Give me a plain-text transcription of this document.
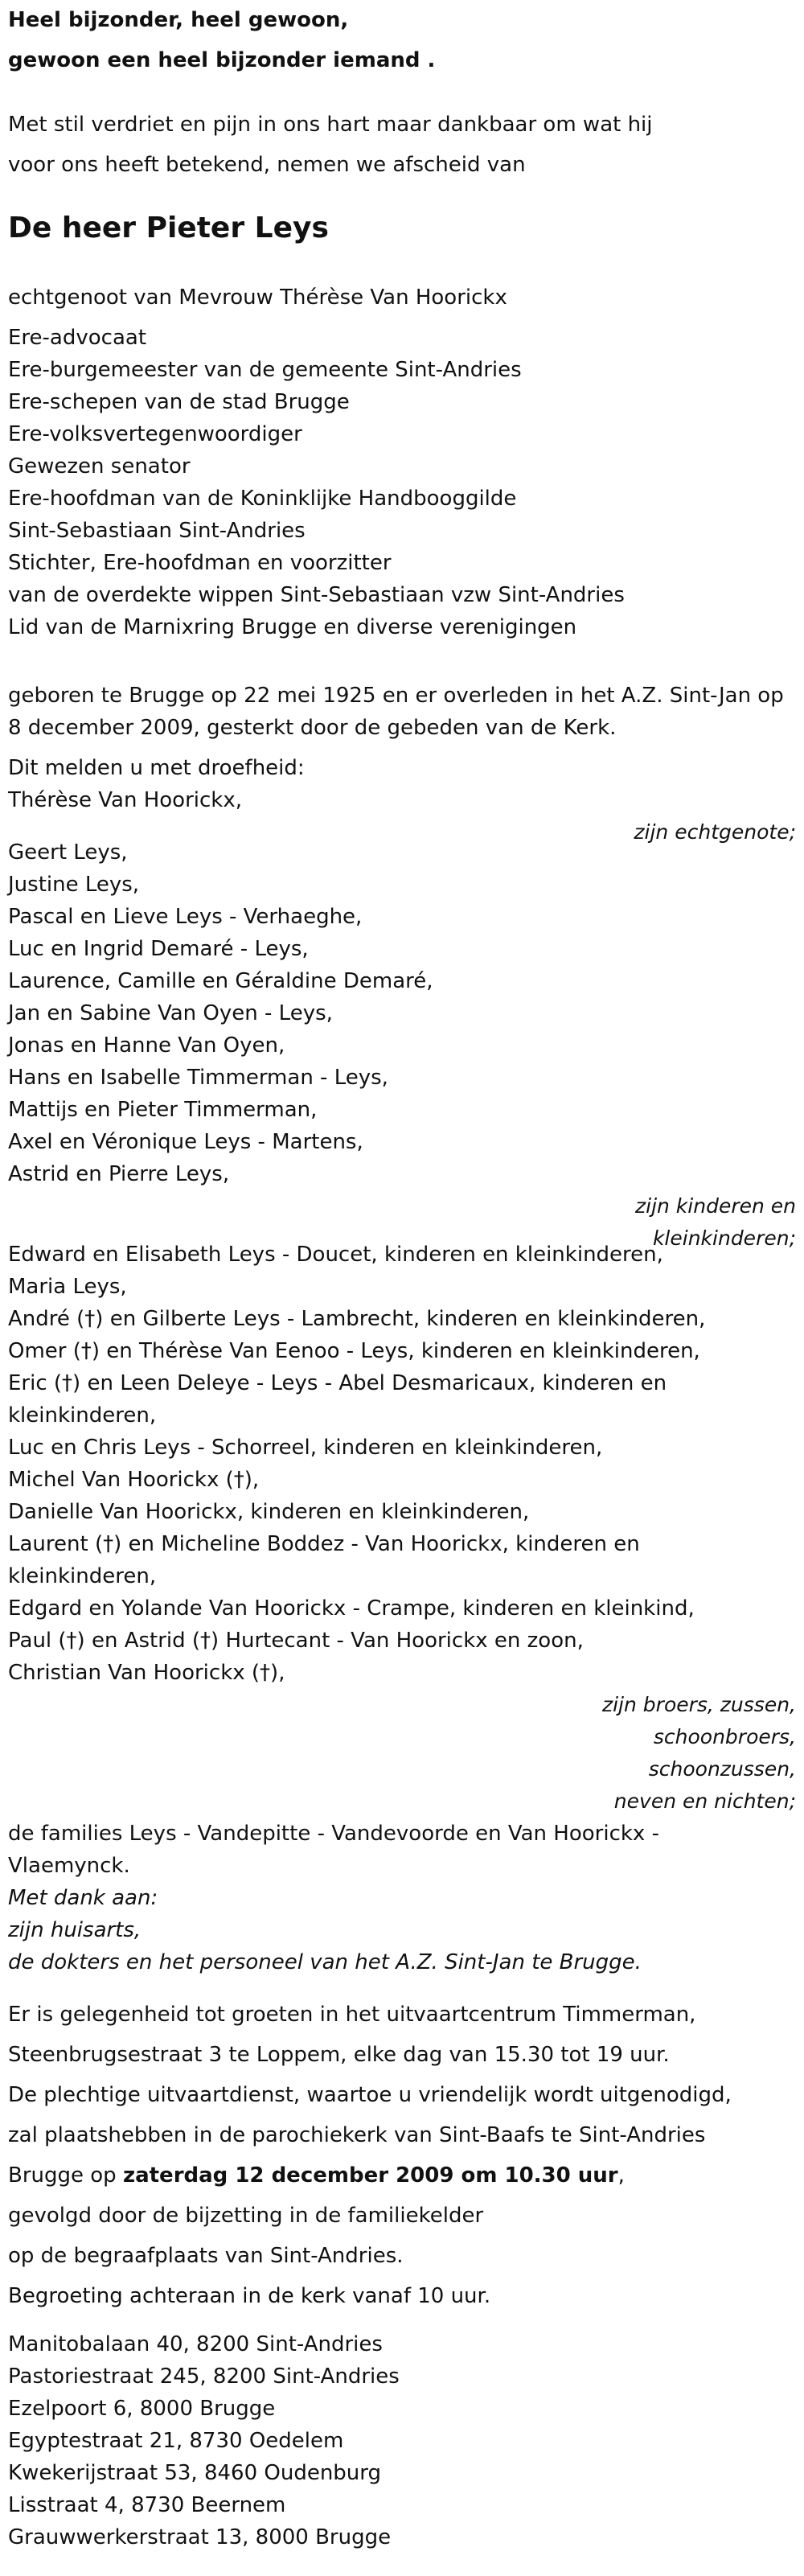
Heel bijzonder, heel gewoon,
gewoon een heel bijzonder iemand .
Met stil verdriet en pijn in ons hart maar dankbaar om wat hij
voor ons heeft betekend, nemen we afscheid van
De heer Pieter Leys
echtgenoot van Mevrouw Thérèse Van Hoorickx
Ere-advocaat
Ere-burgemeester van de gemeente Sint-Andries
Ere-schepen van de stad Brugge
Ere-volksvertegenwoordiger
Gewezen senator
Ere-hoofdman van de Koninklijke Handbooggilde
Sint-Sebastiaan Sint-Andries
Stichter, Ere-hoofdman en voorzitter
van de overdekte wippen Sint-Sebastiaan vzw Sint-Andries
Lid van de Marnixring Brugge en diverse verenigingen
geboren te Brugge op 22 mei 1925 en er overleden in het A.Z. Sint-Jan op
8 december 2009, gesterkt door de gebeden van de Kerk.
Dit melden u met droefheid:
Thérèse Van Hoorickx,
zijn echtgenote;
Geert Leys,
Justine Leys,
Pascal en Lieve Leys - Verhaeghe,
Luc en Ingrid Demaré - Leys,
Laurence, Camille en Géraldine Demaré,
Jan en Sabine Van Oyen - Leys,
Jonas en Hanne Van Oyen,
Hans en Isabelle Timmerman - Leys,
Mattijs en Pieter Timmerman,
Axel en Véronique Leys - Martens,
Astrid en Pierre Leys,
zijn kinderen en
kleinkinderen;
Edward en Elisabeth Leys - Doucet, kinderen en kleinkinderen,
Maria Leys,
André (†) en Gilberte Leys - Lambrecht, kinderen en kleinkinderen,
Omer (†) en Thérèse Van Eenoo - Leys, kinderen en kleinkinderen,
Eric (†) en Leen Deleye - Leys - Abel Desmaricaux, kinderen en
kleinkinderen,
Luc en Chris Leys - Schorreel, kinderen en kleinkinderen,
Michel Van Hoorickx (†),
Danielle Van Hoorickx, kinderen en kleinkinderen,
Laurent (†) en Micheline Boddez - Van Hoorickx, kinderen en
kleinkinderen,
Edgard en Yolande Van Hoorickx - Crampe, kinderen en kleinkind,
Paul (†) en Astrid (†) Hurtecant - Van Hoorickx en zoon,
Christian Van Hoorickx (†),
zijn broers, zussen,
schoonbroers,
schoonzussen,
neven en nichten;
de families Leys - Vandepitte - Vandevoorde en Van Hoorickx -
Vlaemynck.
Met dank aan:
zijn huisarts,
de dokters en het personeel van het A.Z. Sint-Jan te Brugge.
Er is gelegenheid tot groeten in het uitvaartcentrum Timmerman,
Steenbrugsestraat 3 te Loppem, elke dag van 15.30 tot 19 uur.
De plechtige uitvaartdienst, waartoe u vriendelijk wordt uitgenodigd,
zal plaatshebben in de parochiekerk van Sint-Baafs te Sint-Andries
Brugge op zaterdag 12 december 2009 om 10.30 uur,
gevolgd door de bijzetting in de familiekelder
op de begraafplaats van Sint-Andries.
Begroeting achteraan in de kerk vanaf 10 uur.
Manitobalaan 40, 8200 Sint-Andries
Pastoriestraat 245, 8200 Sint-Andries
Ezelpoort 6, 8000 Brugge
Egyptestraat 21, 8730 Oedelem
Kwekerijstraat 53, 8460 Oudenburg
Lisstraat 4, 8730 Beernem
Grauwwerkerstraat 13, 8000 Brugge
